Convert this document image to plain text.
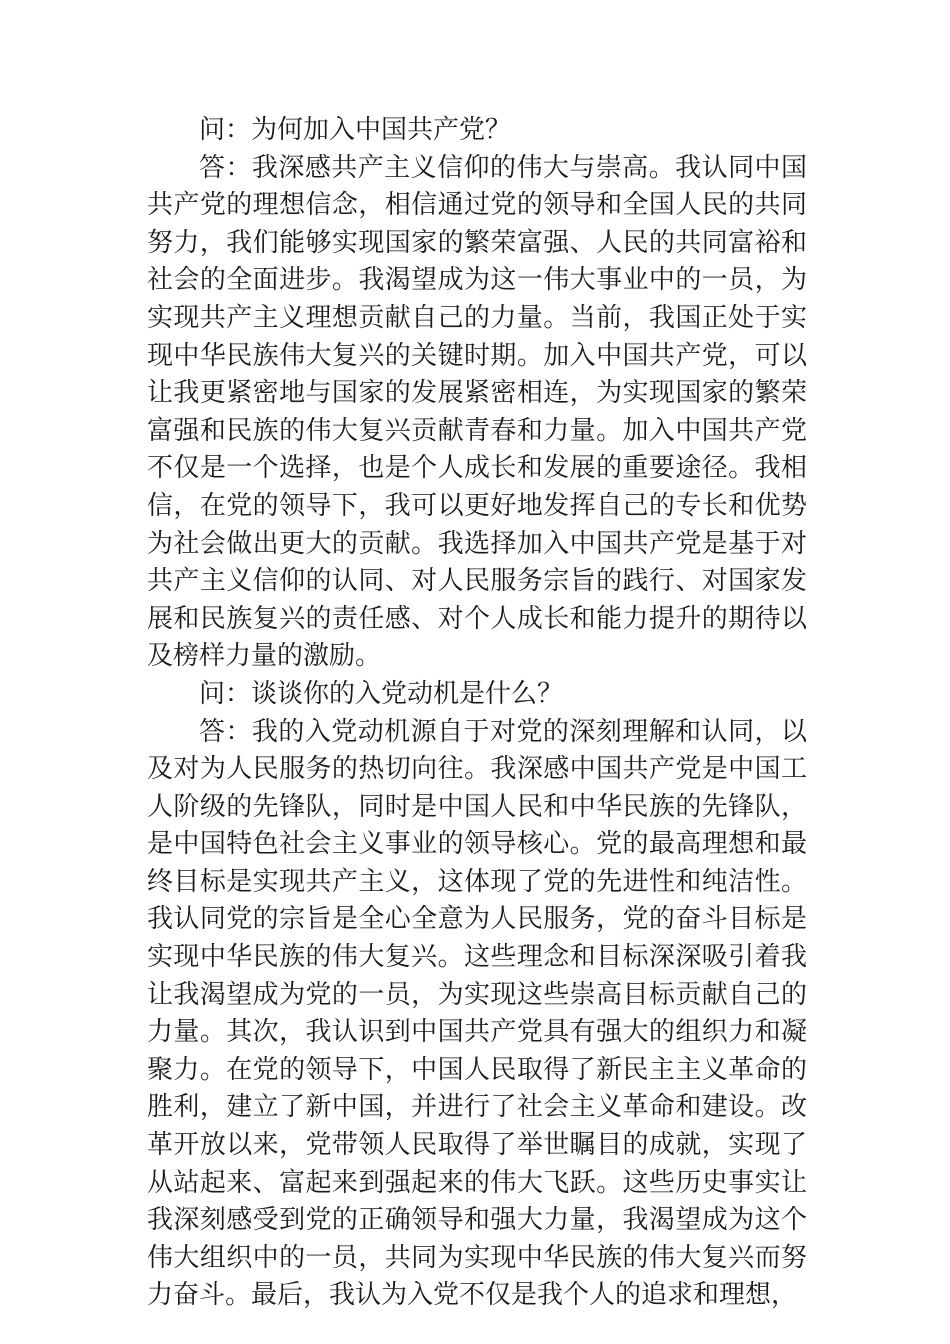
问：为何加入中国共产党？

答：我深感共产主义信仰的伟大与崇高。我认同中国共产党的理想信念，相信通过党的领导和全国人民的共同努力，我们能够实现国家的繁荣富强、人民的共同富裕和社会的全面进步。我渴望成为这一伟大事业中的一员，为实现共产主义理想贡献自己的力量。当前，我国正处于实现中华民族伟大复兴的关键时期。加入中国共产党，可以让我更紧密地与国家的发展紧密相连，为实现国家的繁荣富强和民族的伟大复兴贡献青春和力量。加入中国共产党不仅是一个选择，也是个人成长和发展的重要途径。我相信，在党的领导下，我可以更好地发挥自己的专长和优势为社会做出更大的贡献。我选择加入中国共产党是基于对共产主义信仰的认同、对人民服务宗旨的践行、对国家发展和民族复兴的责任感、对个人成长和能力提升的期待以及榜样力量的激励。

问：谈谈你的入党动机是什么？

答：我的入党动机源自于对党的深刻理解和认同，以及对为人民服务的热切向往。我深感中国共产党是中国工人阶级的先锋队，同时是中国人民和中华民族的先锋队，是中国特色社会主义事业的领导核心。党的最高理想和最终目标是实现共产主义，这体现了党的先进性和纯洁性。我认同党的宗旨是全心全意为人民服务，党的奋斗目标是实现中华民族的伟大复兴。这些理念和目标深深吸引着我让我渴望成为党的一员，为实现这些崇高目标贡献自己的力量。其次，我认识到中国共产党具有强大的组织力和凝聚力。在党的领导下，中国人民取得了新民主主义革命的胜利，建立了新中国，并进行了社会主义革命和建设。改革开放以来，党带领人民取得了举世瞩目的成就，实现了从站起来、富起来到强起来的伟大飞跃。这些历史事实让我深刻感受到党的正确领导和强大力量，我渴望成为这个伟大组织中的一员，共同为实现中华民族的伟大复兴而努力奋斗。最后，我认为入党不仅是我个人的追求和理想，
